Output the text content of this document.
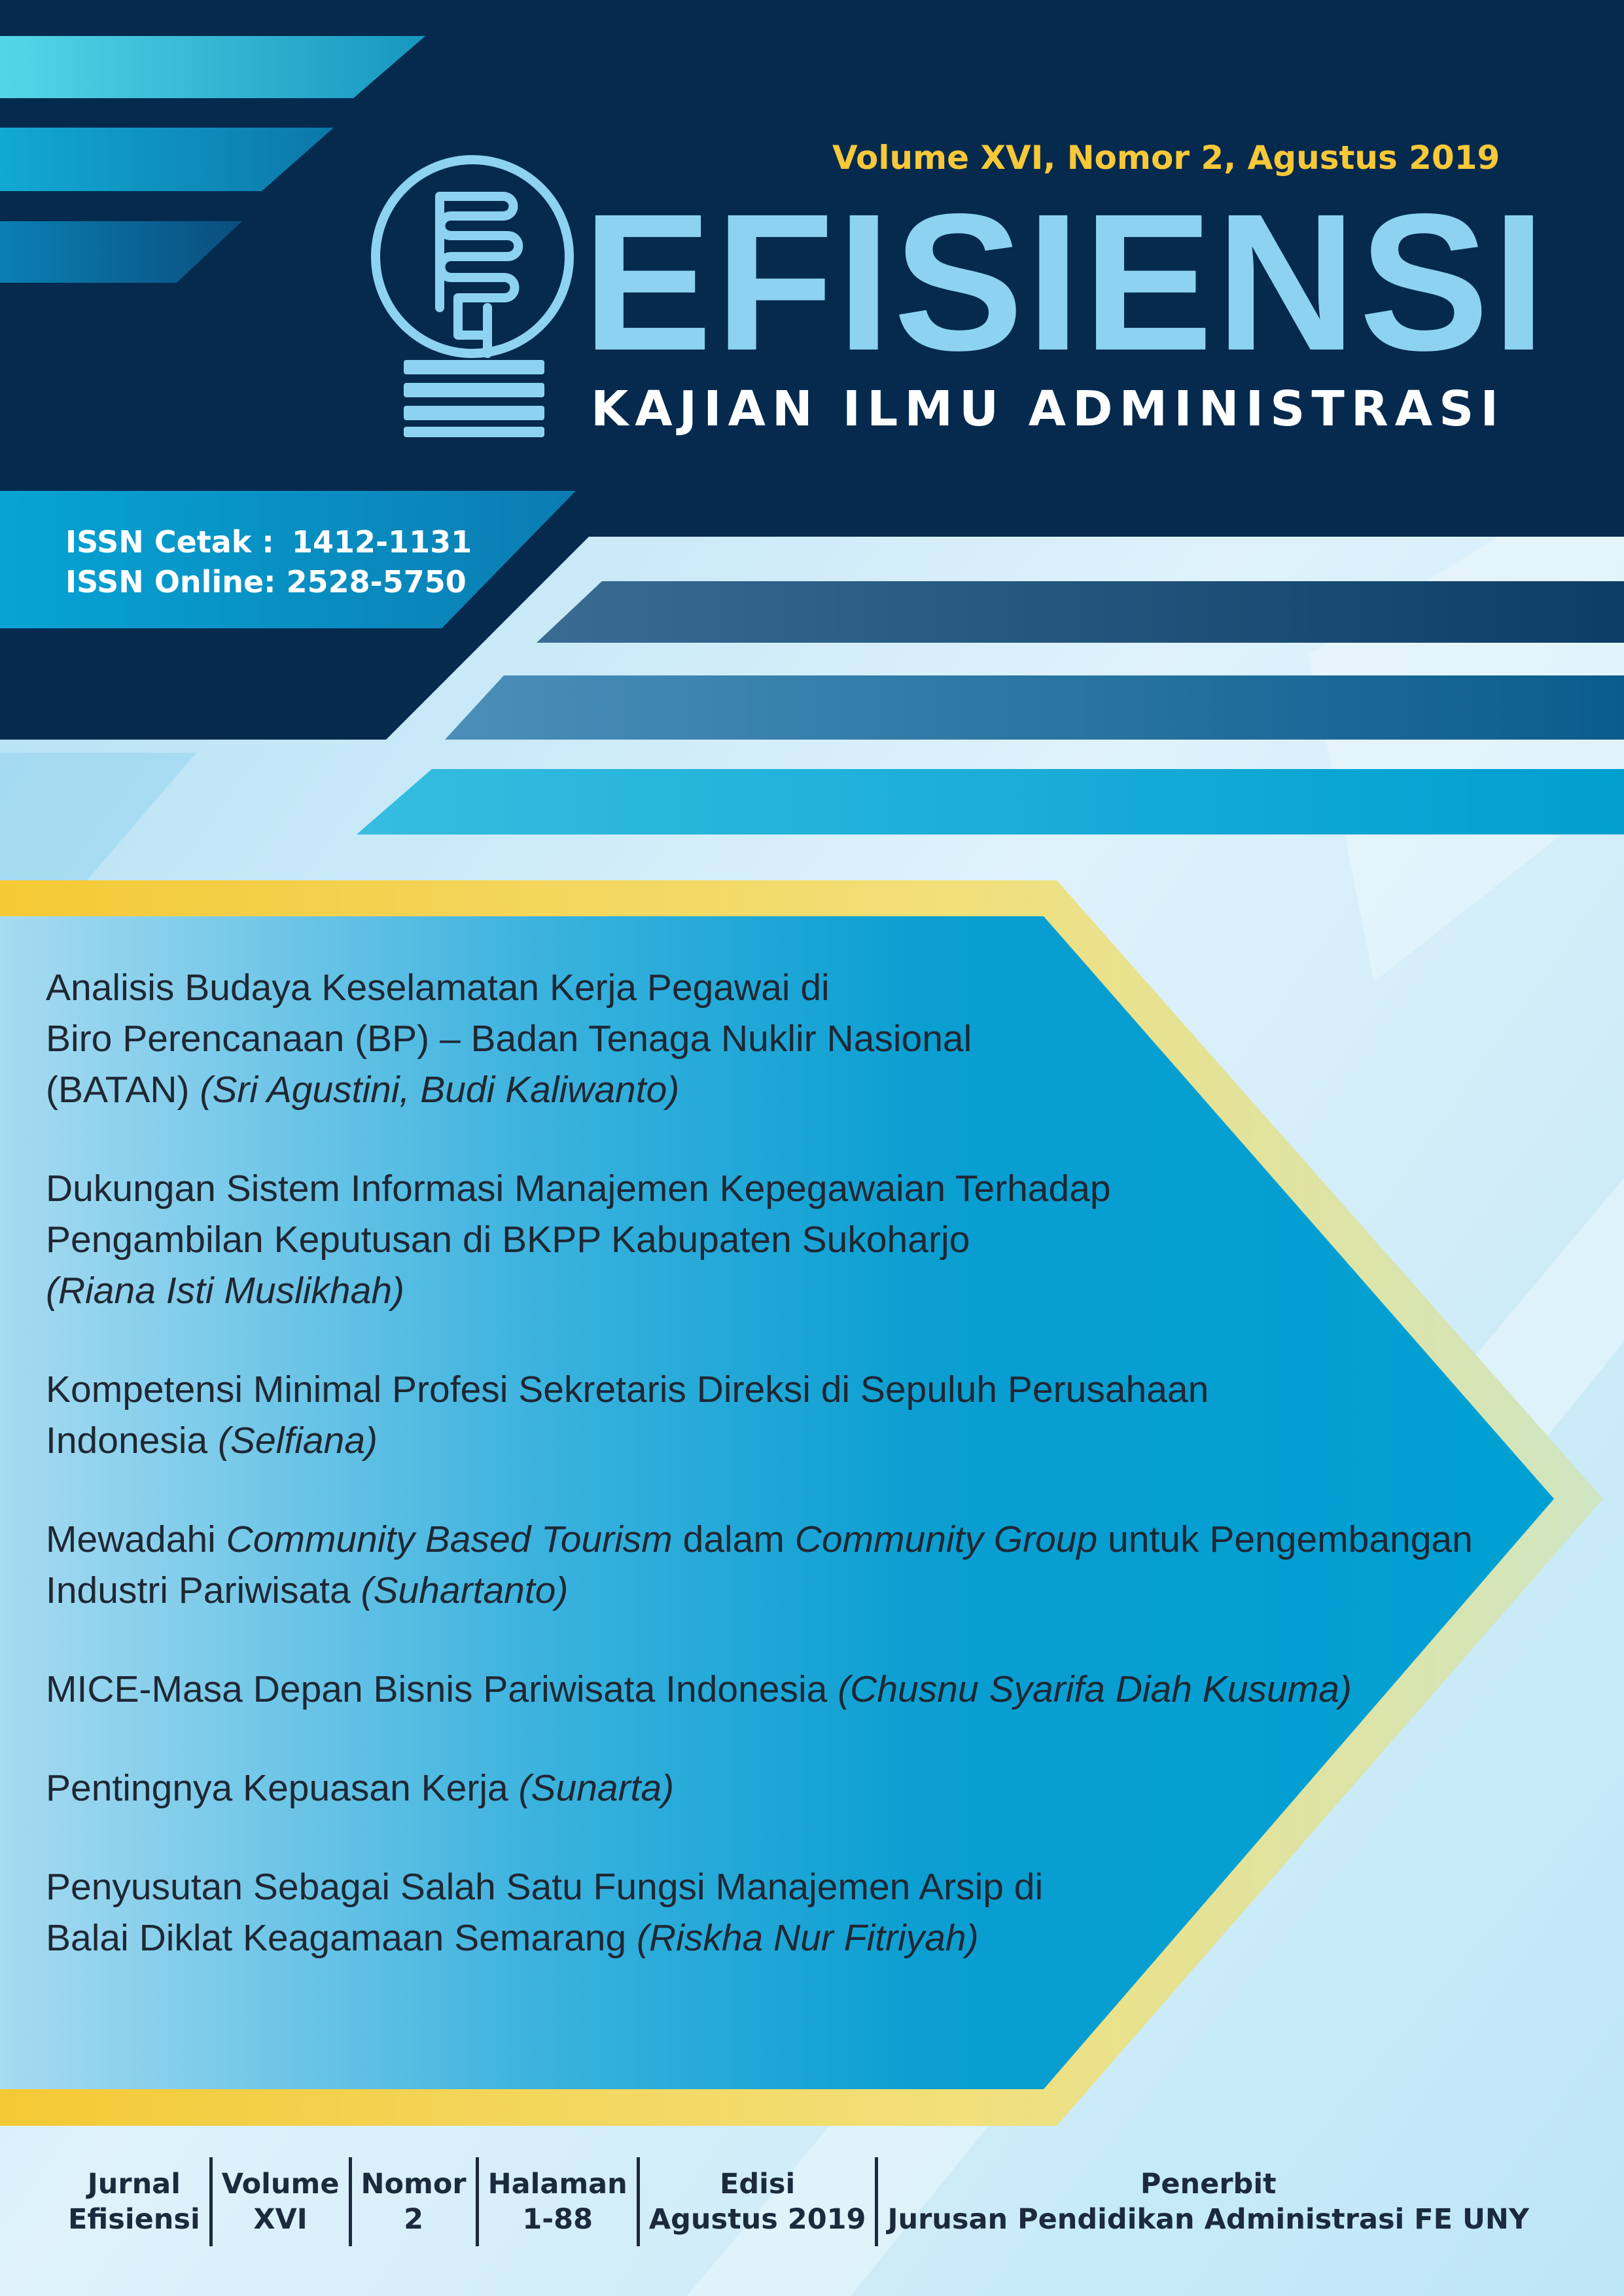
Volume XVI, Nomor 2, Agustus 2019
EFISIENSI
KAJIAN ILMU ADMINISTRASI
ISSN Cetak : 1412-1131
ISSN Online: 2528-5750
Analisis Budaya Keselamatan Kerja Pegawai di
Biro Perencanaan (BP) – Badan Tenaga Nuklir Nasional
(BATAN) (Sri Agustini, Budi Kaliwanto)
Dukungan Sistem Informasi Manajemen Kepegawaian Terhadap
Pengambilan Keputusan di BKPP Kabupaten Sukoharjo
(Riana Isti Muslikhah)
Kompetensi Minimal Profesi Sekretaris Direksi di Sepuluh Perusahaan
Indonesia (Selfiana)
Mewadahi Community Based Tourism dalam Community Group untuk Pengembangan
Industri Pariwisata (Suhartanto)
MICE-Masa Depan Bisnis Pariwisata Indonesia (Chusnu Syarifa Diah Kusuma)
Pentingnya Kepuasan Kerja (Sunarta)
Penyusutan Sebagai Salah Satu Fungsi Manajemen Arsip di
Balai Diklat Keagamaan Semarang (Riskha Nur Fitriyah)
Jurnal
Efisiensi
Volume
XVI
Nomor
2
Halaman
1-88
Edisi
Agustus 2019
Penerbit
Jurusan Pendidikan Administrasi FE UNY
